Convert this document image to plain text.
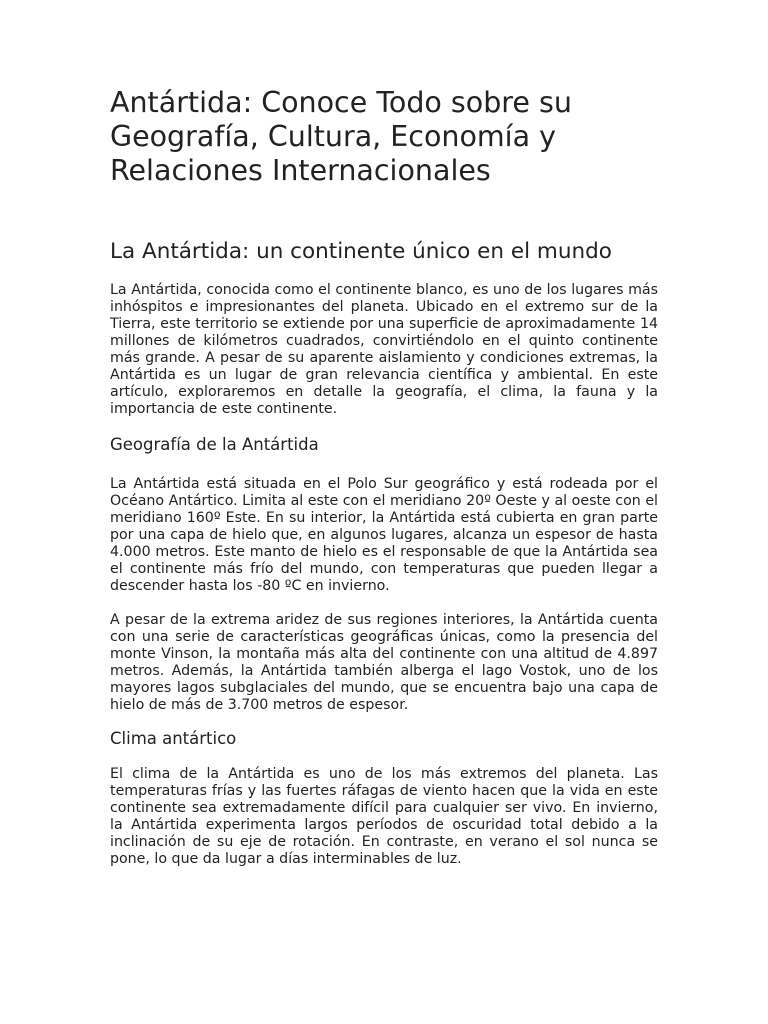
Antártida: Conoce Todo sobre su Geografía, Cultura, Economía y Relaciones Internacionales
La Antártida: un continente único en el mundo

La Antártida, conocida como el continente blanco, es uno de los lugares más inhóspitos e impresionantes del planeta. Ubicado en el extremo sur de la Tierra, este territorio se extiende por una superficie de aproximadamente 14 millones de kilómetros cuadrados, convirtiéndolo en el quinto continente más grande. A pesar de su aparente aislamiento y condiciones extremas, la Antártida es un lugar de gran relevancia científica y ambiental. En este artículo, exploraremos en detalle la geografía, el clima, la fauna y la importancia de este continente.

Geografía de la Antártida

La Antártida está situada en el Polo Sur geográfico y está rodeada por el Océano Antártico. Limita al este con el meridiano 20º Oeste y al oeste con el meridiano 160º Este. En su interior, la Antártida está cubierta en gran parte por una capa de hielo que, en algunos lugares, alcanza un espesor de hasta 4.000 metros. Este manto de hielo es el responsable de que la Antártida sea el continente más frío del mundo, con temperaturas que pueden llegar a descender hasta los -80 ºC en invierno.

A pesar de la extrema aridez de sus regiones interiores, la Antártida cuenta con una serie de características geográficas únicas, como la presencia del monte Vinson, la montaña más alta del continente con una altitud de 4.897 metros. Además, la Antártida también alberga el lago Vostok, uno de los mayores lagos subglaciales del mundo, que se encuentra bajo una capa de hielo de más de 3.700 metros de espesor.

Clima antártico

El clima de la Antártida es uno de los más extremos del planeta. Las temperaturas frías y las fuertes ráfagas de viento hacen que la vida en este continente sea extremadamente difícil para cualquier ser vivo. En invierno, la Antártida experimenta largos períodos de oscuridad total debido a la inclinación de su eje de rotación. En contraste, en verano el sol nunca se pone, lo que da lugar a días interminables de luz.
